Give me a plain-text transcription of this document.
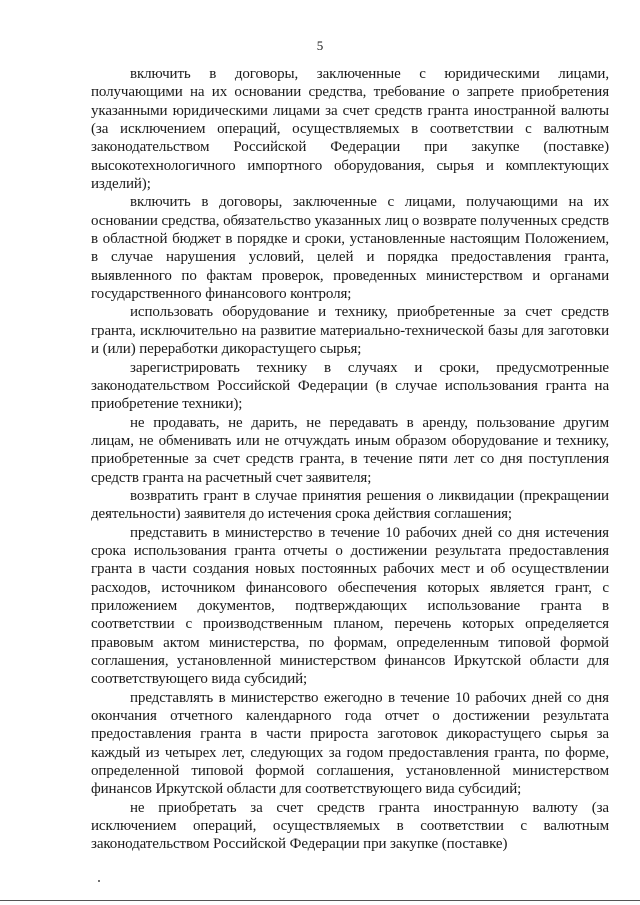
5

включить в договоры, заключенные с юридическими лицами, получающими на их основании средства, требование о запрете приобретения указанными юридическими лицами за счет средств гранта иностранной валюты (за исключением операций, осуществляемых в соответствии с валютным законодательством Российской Федерации при закупке (поставке) высокотехнологичного импортного оборудования, сырья и комплектующих изделий);

включить в договоры, заключенные с лицами, получающими на их основании средства, обязательство указанных лиц о возврате полученных средств в областной бюджет в порядке и сроки, установленные настоящим Положением, в случае нарушения условий, целей и порядка предоставления гранта, выявленного по фактам проверок, проведенных министерством и органами государственного финансового контроля;

использовать оборудование и технику, приобретенные за счет средств гранта, исключительно на развитие материально-технической базы для заготовки и (или) переработки дикорастущего сырья;

зарегистрировать технику в случаях и сроки, предусмотренные законодательством Российской Федерации (в случае использования гранта на приобретение техники);

не продавать, не дарить, не передавать в аренду, пользование другим лицам, не обменивать или не отчуждать иным образом оборудование и технику, приобретенные за счет средств гранта, в течение пяти лет со дня поступления средств гранта на расчетный счет заявителя;

возвратить грант в случае принятия решения о ликвидации (прекращении деятельности) заявителя до истечения срока действия соглашения;

представить в министерство в течение 10 рабочих дней со дня истечения срока использования гранта отчеты о достижении результата предоставления гранта в части создания новых постоянных рабочих мест и об осуществлении расходов, источником финансового обеспечения которых является грант, с приложением документов, подтверждающих использование гранта в соответствии с производственным планом, перечень которых определяется правовым актом министерства, по формам, определенным типовой формой соглашения, установленной министерством финансов Иркутской области для соответствующего вида субсидий;

представлять в министерство ежегодно в течение 10 рабочих дней со дня окончания отчетного календарного года отчет о достижении результата предоставления гранта в части прироста заготовок дикорастущего сырья за каждый из четырех лет, следующих за годом предоставления гранта, по форме, определенной типовой формой соглашения, установленной министерством финансов Иркутской области для соответствующего вида субсидий;

не приобретать за счет средств гранта иностранную валюту (за исключением операций, осуществляемых в соответствии с валютным законодательством Российской Федерации при закупке (поставке)
